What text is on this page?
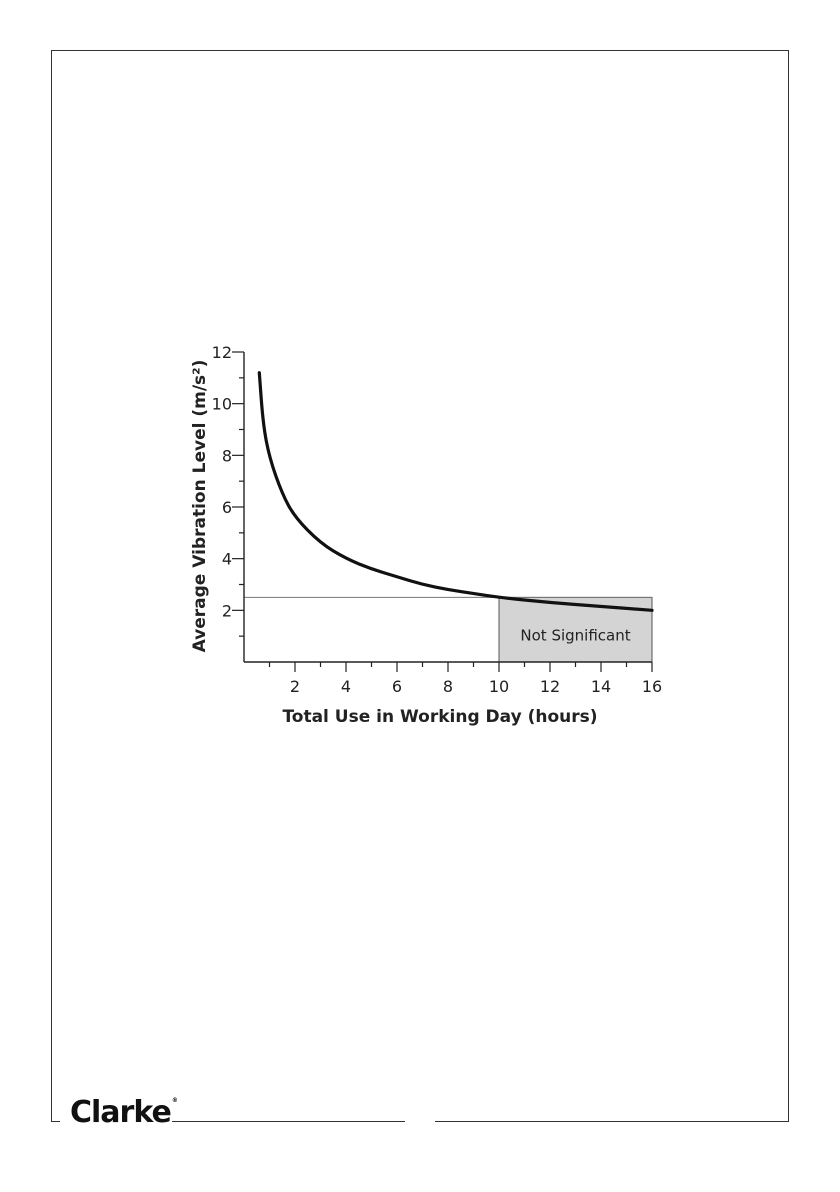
2
4
6
8
10
12
2	4	6	8 10 12 14 16
Not Significant
Average Vibration Level (m/s²)
Total Use in Working Day (hours)
Clarke®
